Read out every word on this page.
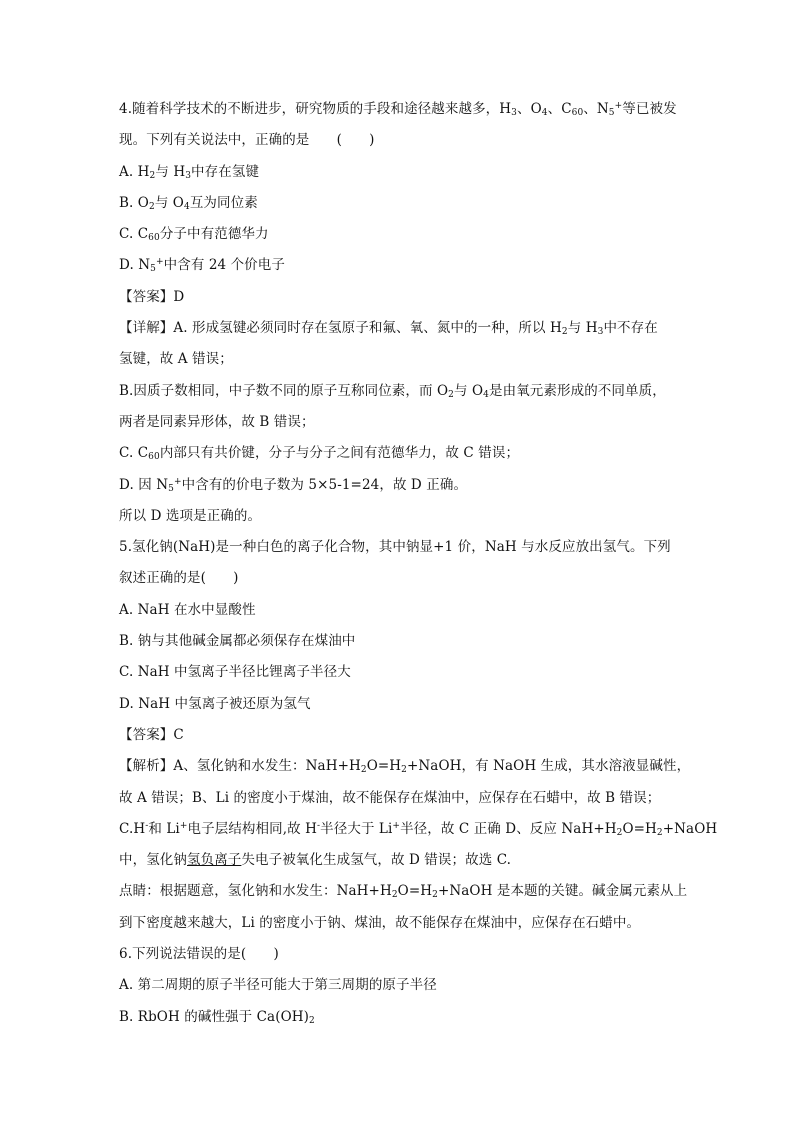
4.随着科学技术的不断进步，研究物质的手段和途径越来越多，$H_3$、$O_4$、$C_{60}$、$N_5^+$等已被发
现。下列有关说法中，正确的是　　(　　)
A. $H_2$与 $H_3$中存在氢键
B. $O_2$与 $O_4$互为同位素
C. $C_{60}$分子中有范德华力
D. $N_5^+$中含有 24 个价电子
【答案】D
【详解】A. 形成氢键必须同时存在氢原子和氟、氧、氮中的一种，所以 $H_2$与 $H_3$中不存在
氢键，故 A 错误；
B.因质子数相同，中子数不同的原子互称同位素，而 $O_2$与 $O_4$是由氧元素形成的不同单质，
两者是同素异形体，故 B 错误；
C. $C_{60}$内部只有共价键，分子与分子之间有范德华力，故 C 错误；
D. 因 $N_5^+$中含有的价电子数为 5×5-1=24，故 D 正确。
所以 D 选项是正确的。
5.氢化钠(NaH)是一种白色的离子化合物，其中钠显+1 价，NaH 与水反应放出氢气。下列
叙述正确的是(　　)
A. NaH 在水中显酸性
B. 钠与其他碱金属都必须保存在煤油中
C. NaH 中氢离子半径比锂离子半径大
D. NaH 中氢离子被还原为氢气
【答案】C
【解析】A、氢化钠和水发生：$NaH+H_2O=H_2+NaOH$，有 NaOH 生成，其水溶液显碱性，
故 A 错误；B、Li 的密度小于煤油，故不能保存在煤油中，应保存在石蜡中，故 B 错误；
C.H-和 Li+电子层结构相同,故 H-半径大于 Li+半径，故 C 正确 D、反应 $NaH+H_2O=H_2+NaOH$
中，氢化钠氢负离子失电子被氧化生成氢气，故 D 错误；故选 C.
点睛：根据题意，氢化钠和水发生：$NaH+H_2O=H_2+NaOH$ 是本题的关键。碱金属元素从上
到下密度越来越大，Li 的密度小于钠、煤油，故不能保存在煤油中，应保存在石蜡中。
6.下列说法错误的是(　　)
A. 第二周期的原子半径可能大于第三周期的原子半径
B. RbOH 的碱性强于 $Ca(OH)_2$
